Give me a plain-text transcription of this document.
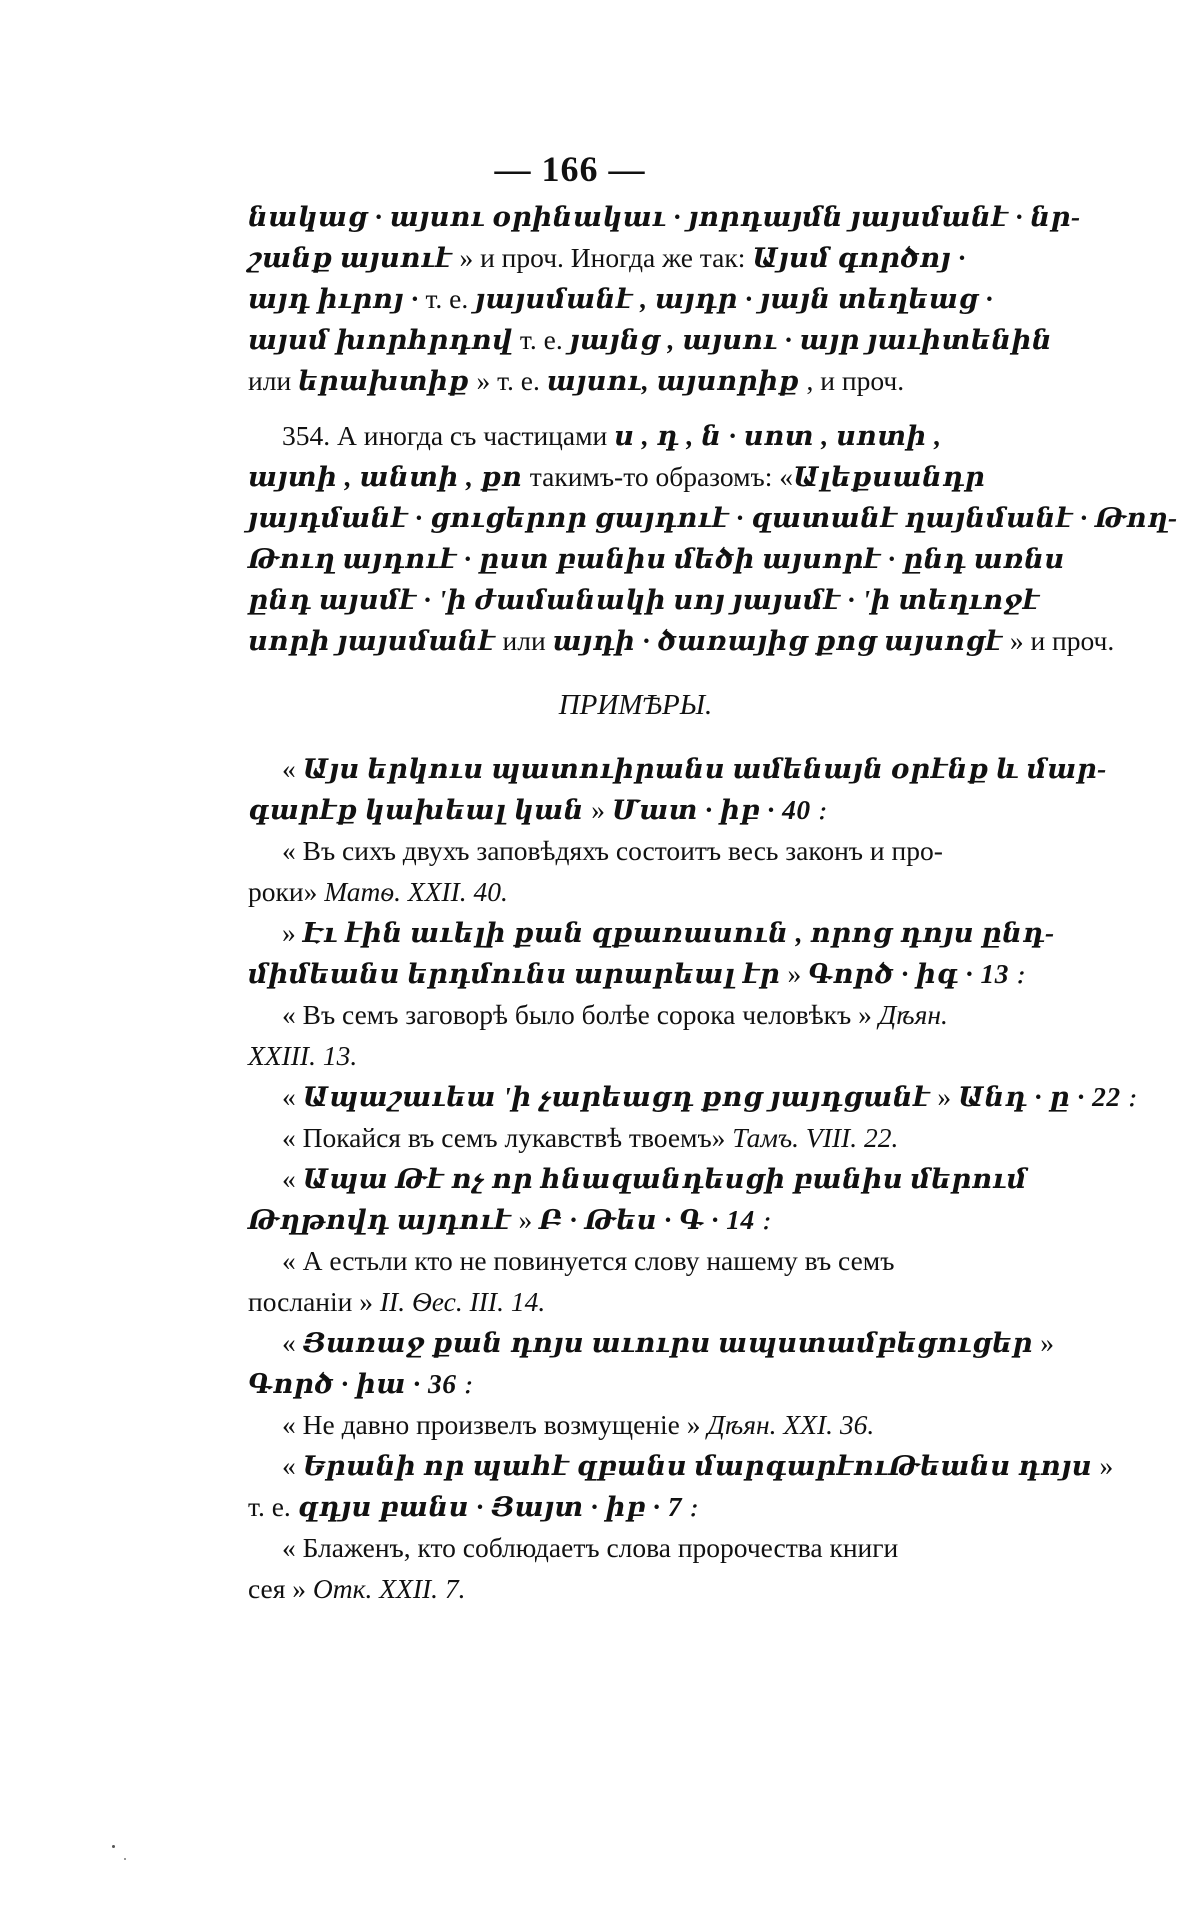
— 166 —
նակաց · այսու օրինակաւ · յորդայմն յայսմանէ · նր-
շանք այսուէ » и проч. Иногда же так: Այսմ գործոյ ·
այդ իւրոյ · т. е. յայսմանէ , այդր · յայն տեղեաց ·
այսմ խորհրդով т. е. յայնց , այսու · այր յաւիտենին
или երախտիք » т. е. այսու, այսորիք , и проч.
354. А иногда съ частицами ս , դ , ն · սոտ , սոտի ,
այտի , անտի , քո такимъ-то образомъ: «Ալեքսանդր
յայդմանէ · ցուցերոր ցայդուէ · զատանէ ղայնմանէ · Թող-
Թուղ այդուէ · ըստ բանիս մեծի այսորէ · ընդ առնս
ընդ այսմէ · 'ի ժամանակի սոյ յայսմէ · 'ի տեղւոջէ
սորի յայսմանէ или այդի · ծառայից քոց այսոցէ » и проч.
ПРИМѢРЫ.
« Այս երկուս պատուիրանս ամենայն օրէնք և մար-
գարէք կախեալ կան » Մատ · իբ · 40 ։
« Въ сихъ двухъ заповѣдяхъ состоитъ весь законъ и про-
роки» Матѳ. XXII. 40.
» Էւ էին աւելի քան զքառասուն , որոց դոյս ընդ-
միմեանս երդմունս արարեալ էր » Գործ · իգ · 13 ։
« Въ семъ заговорѣ было болѣе сорока человѣкъ » Дѣян.
XXIII. 13.
« Ապաշաւեա 'ի չարեացդ քոց յայդցանէ » Անդ · ը · 22 ։
« Покайся въ семъ лукавствѣ твоемъ» Тамъ. VIII. 22.
« Ապա Թէ ոչ որ հնազանդեսցի բանիս մերում
Թղթովդ այդուէ » Բ · Թես · Գ · 14 ։
« А естьли кто не повинуется слову нашему въ семъ
посланіи » II. Ѳес. III. 14.
« Յառաջ քան դոյս աւուրս ապստամբեցուցեր »
Գործ · իա · 36 ։
« Не давно произвелъ возмущеніе » Дѣян. XXI. 36.
« Երանի որ պահէ զբանս մարգարէուԹեանս դոյս »
т. е. զդյս բանս · Յայտ · իբ · 7 ։
« Блаженъ, кто соблюдаетъ слова пророчества книги
сея » Отк. XXII. 7.
